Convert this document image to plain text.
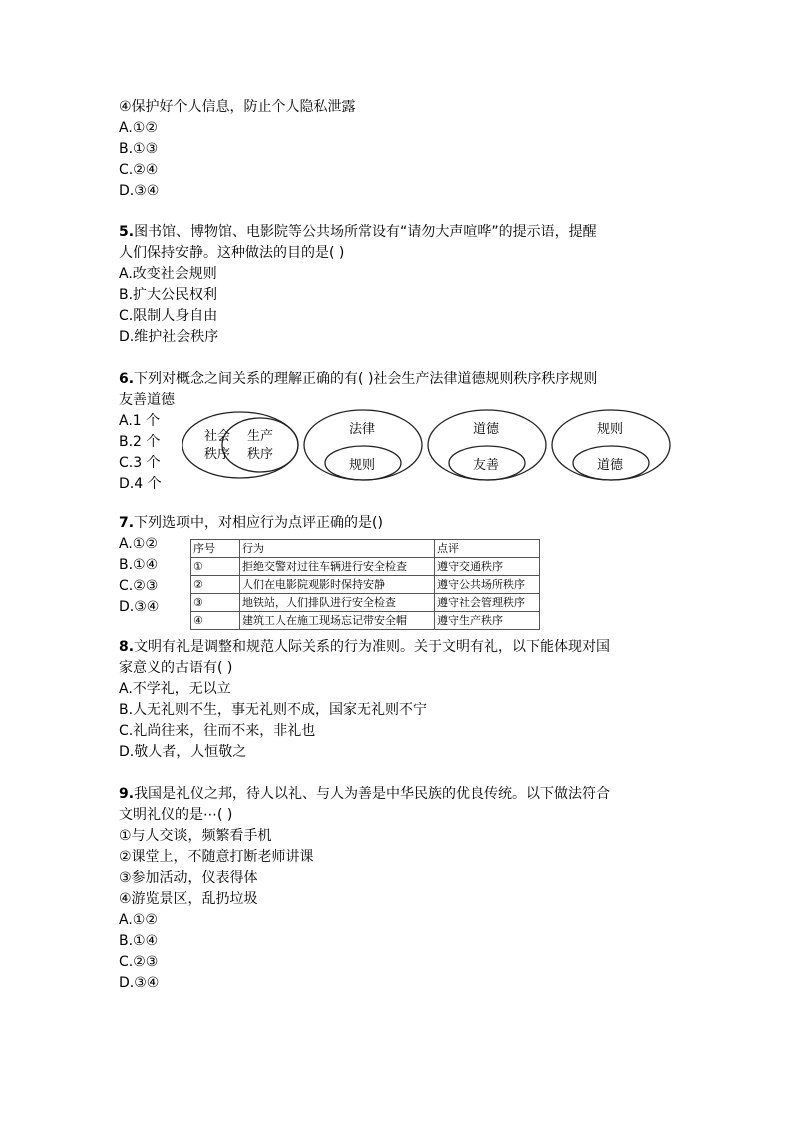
④保护好个人信息，防止个人隐私泄露
A.①②
B.①③
C.②④
D.③④
5.图书馆、博物馆、电影院等公共场所常设有“请勿大声喧哗”的提示语，提醒
人们保持安静。这种做法的目的是( )
A.改变社会规则
B.扩大公民权利
C.限制人身自由
D.维护社会秩序
6.下列对概念之间关系的理解正确的有( )社会生产法律道德规则秩序秩序规则
友善道德
A.1 个
B.2 个
C.3 个
D.4 个
社会
秩序
生产
秩序
法律
规则
道德
友善
规则
道德
7.下列选项中，对相应行为点评正确的是()
A.①②
B.①④
C.②③
D.③④
序号	行为	点评
①	拒绝交警对过往车辆进行安全检查	遵守交通秩序
②	人们在电影院观影时保持安静	遵守公共场所秩序
③	地铁站，人们排队进行安全检查	遵守社会管理秩序
④	建筑工人在施工现场忘记带安全帽	遵守生产秩序
8.文明有礼是调整和规范人际关系的行为准则。关于文明有礼，以下能体现对国
家意义的古语有( )
A.不学礼，无以立
B.人无礼则不生，事无礼则不成，国家无礼则不宁
C.礼尚往来，往而不来，非礼也
D.敬人者，人恒敬之
9.我国是礼仪之邦，待人以礼、与人为善是中华民族的优良传统。以下做法符合
文明礼仪的是⋯( )
①与人交谈，频繁看手机
②课堂上，不随意打断老师讲课
③参加活动，仪表得体
④游览景区，乱扔垃圾
A.①②
B.①④
C.②③
D.③④
